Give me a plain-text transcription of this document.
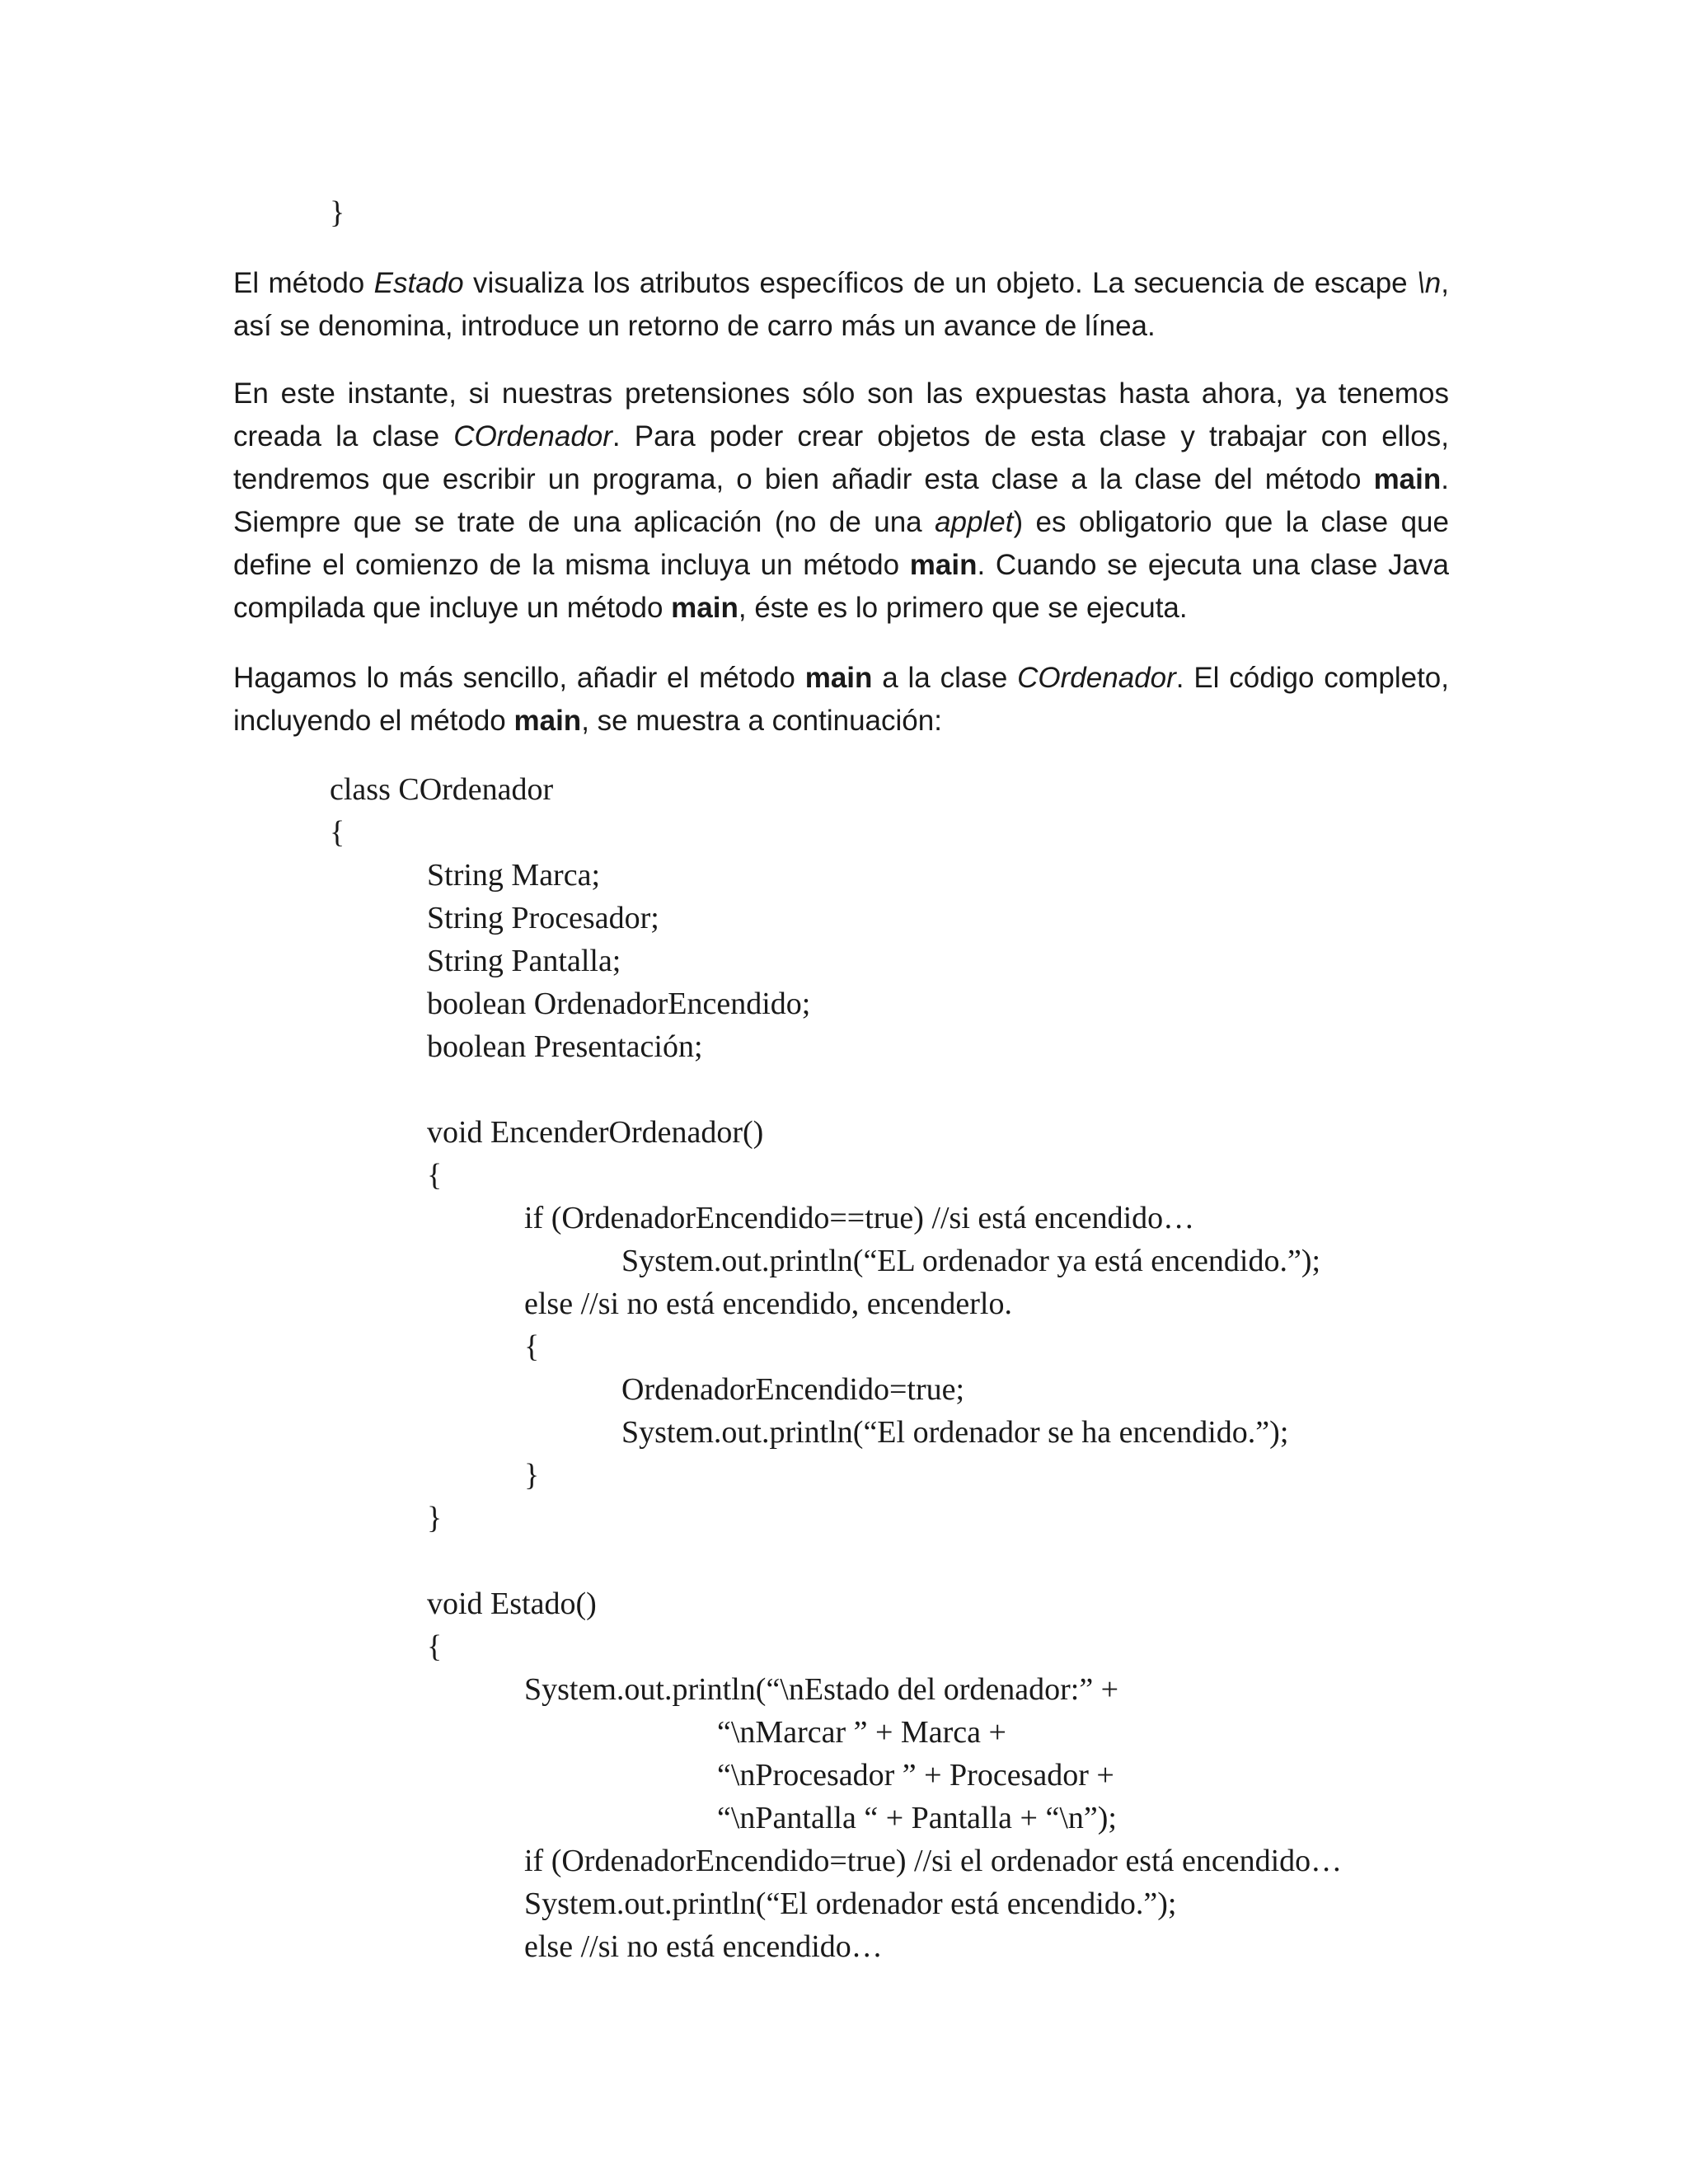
}

El método Estado visualiza los atributos específicos de un objeto. La secuencia de escape \n, así se denomina, introduce un retorno de carro más un avance de línea.

En este instante, si nuestras pretensiones sólo son las expuestas hasta ahora, ya tenemos creada la clase COrdenador. Para poder crear objetos de esta clase y trabajar con ellos, tendremos que escribir un programa, o bien añadir esta clase a la clase del método main. Siempre que se trate de una aplicación (no de una applet) es obligatorio que la clase que define el comienzo de la misma incluya un método main. Cuando se ejecuta una clase Java compilada que incluye un método main, éste es lo primero que se ejecuta.

Hagamos lo más sencillo, añadir el método main a la clase COrdenador. El código completo, incluyendo el método main, se muestra a continuación:

class COrdenador
{
String Marca;
String Procesador;
String Pantalla;
boolean OrdenadorEncendido;
boolean Presentación;
void EncenderOrdenador()
{
if (OrdenadorEncendido==true) //si está encendido…
System.out.println(“EL ordenador ya está encendido.”);
else //si no está encendido, encenderlo.
{
OrdenadorEncendido=true;
System.out.println(“El ordenador se ha encendido.”);
}
}
void Estado()
{
System.out.println(“\nEstado del ordenador:” +
“\nMarcar ” + Marca +
“\nProcesador ” + Procesador +
“\nPantalla “ + Pantalla + “\n”);
if (OrdenadorEncendido=true) //si el ordenador está encendido…
System.out.println(“El ordenador está encendido.”);
else //si no está encendido…
